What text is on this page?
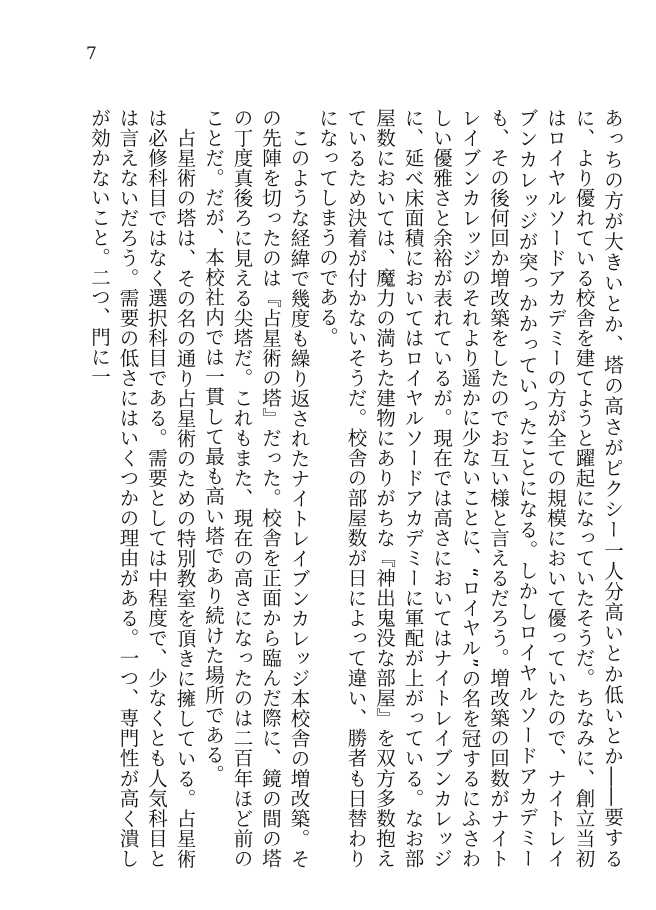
7

あっちの方が大きいとか、塔の高さがピクシー一人分高いとか低いとか――要するに、より優れている校舎を建てようと躍起になっていたそうだ。ちなみに、創立当初はロイヤルソードアカデミーの方が全ての規模において優っていたので、ナイトレイブンカレッジが突っかかっていったことになる。しかしロイヤルソードアカデミーも、その後何回か増改築をしたのでお互い様と言えるだろう。増改築の回数がナイトレイブンカレッジのそれより遥かに少ないことに、“ロイヤル”の名を冠するにふさわしい優雅さと余裕が表れているが。現在では高さにおいてはナイトレイブンカレッジに、延べ床面積においてはロイヤルソードアカデミーに軍配が上がっている。なお部屋数においては、魔力の満ちた建物にありがちな『神出鬼没な部屋』を双方多数抱えているため決着が付かないそうだ。校舎の部屋数が日によって違い、勝者も日替わりになってしまうのである。

このような経緯で幾度も繰り返されたナイトレイブンカレッジ本校舎の増改築。その先陣を切ったのは『占星術の塔』だった。校舎を正面から臨んだ際に、鏡の間の塔の丁度真後ろに見える尖塔だ。これもまた、現在の高さになったのは二百年ほど前のことだ。だが、本校社内では一貫して最も高い塔であり続けた場所である。

占星術の塔は、その名の通り占星術のための特別教室を頂きに擁している。占星術は必修科目ではなく選択科目である。需要としては中程度で、少なくとも人気科目とは言えないだろう。需要の低さにはいくつかの理由がある。一つ、専門性が高く潰しが効かないこと。二つ、門に一
